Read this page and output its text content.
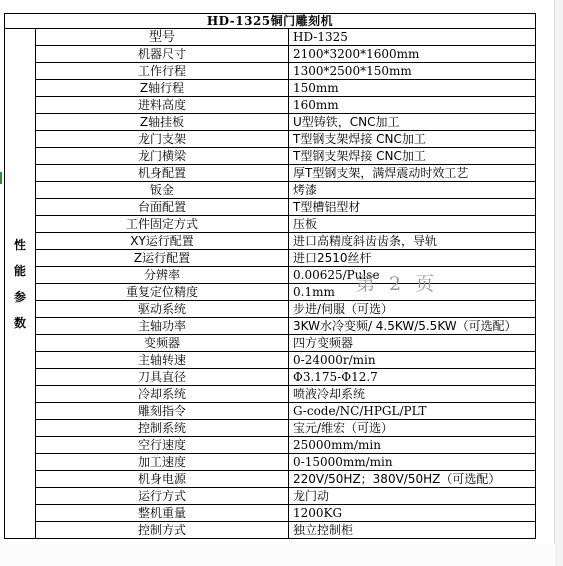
HD-1325铜门雕刻机		

性
能
参
数	型号	HD-1325
	机器尺寸	2100*3200*1600mm
	工作行程	1300*2500*150mm
	Z轴行程	150mm
	进料高度	160mm
	Z轴挂板	U型铸铁，CNC加工
	龙门支架	T型钢支架焊接 CNC加工
	龙门横梁	T型钢支架焊接 CNC加工
	机身配置	厚T型钢支架，满焊震动时效工艺
	钣金	烤漆
	台面配置	T型槽铝型材
	工件固定方式	压板
	XY运行配置	进口高精度斜齿齿条，导轨
	Z运行配置	进口2510丝杆
	分辨率	0.00625/Pulse
	重复定位精度	0.1mm
	驱动系统	步进/伺服（可选）
	主轴功率	3KW水冷变频/ 4.5KW/5.5KW（可选配）
	变频器	四方变频器
	主轴转速	0-24000r/min
	刀具直径	Φ3.175-Φ12.7
	冷却系统	喷液冷却系统
	雕刻指令	G-code/NC/HPGL/PLT
	控制系统	宝元/维宏（可选）
	空行速度	25000mm/min
	加工速度	0-15000mm/min
	机身电源	220V/50HZ；380V/50HZ（可选配）
	运行方式	龙门动
	整机重量	1200KG
	控制方式	独立控制柜
第 2 页
